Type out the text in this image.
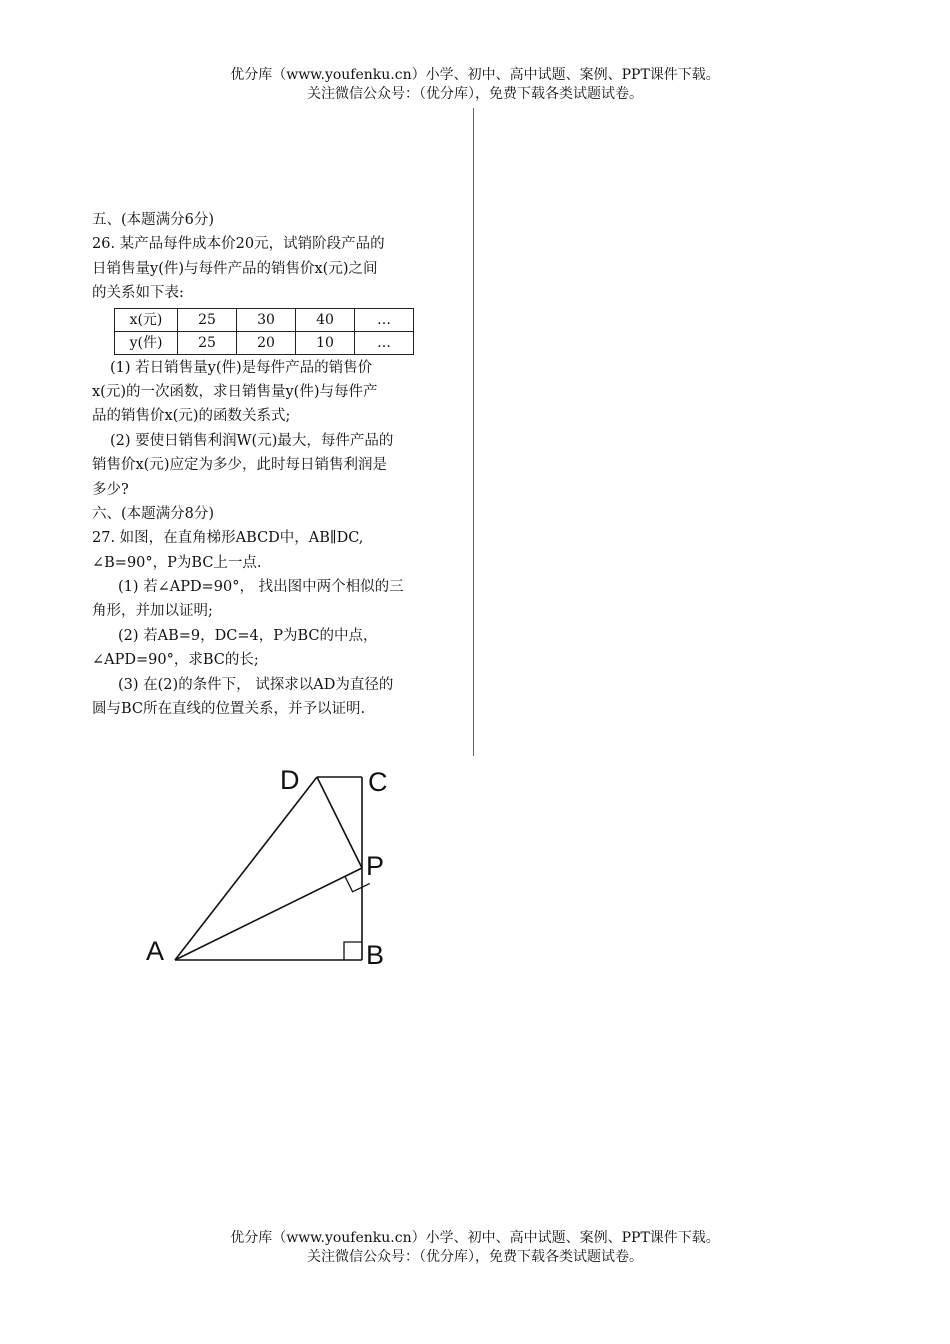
优分库（www.youfenku.cn）小学、初中、高中试题、案例、PPT课件下载。
关注微信公众号：（优分库），免费下载各类试题试卷。
五、(本题满分6分)
26. 某产品每件成本价20元，试销阶段产品的
日销售量y(件)与每件产品的销售价x(元)之间
的关系如下表:
x(元)	25	30	40	…
y(件)	25	20	10	…
(1) 若日销售量y(件)是每件产品的销售价
x(元)的一次函数，求日销售量y(件)与每件产
品的销售价x(元)的函数关系式;
(2) 要使日销售利润W(元)最大，每件产品的
销售价x(元)应定为多少，此时每日销售利润是
多少?
六、(本题满分8分)
27. 如图，在直角梯形ABCD中，AB∥DC,
∠B=90°，P为BC上一点.
(1) 若∠APD=90°， 找出图中两个相似的三
角形，并加以证明;
(2) 若AB=9，DC=4，P为BC的中点，
∠APD=90°，求BC的长;
(3) 在(2)的条件下， 试探求以AD为直径的
圆与BC所在直线的位置关系，并予以证明.
A	B
C
D
P
优分库（www.youfenku.cn）小学、初中、高中试题、案例、PPT课件下载。
关注微信公众号：（优分库），免费下载各类试题试卷。
